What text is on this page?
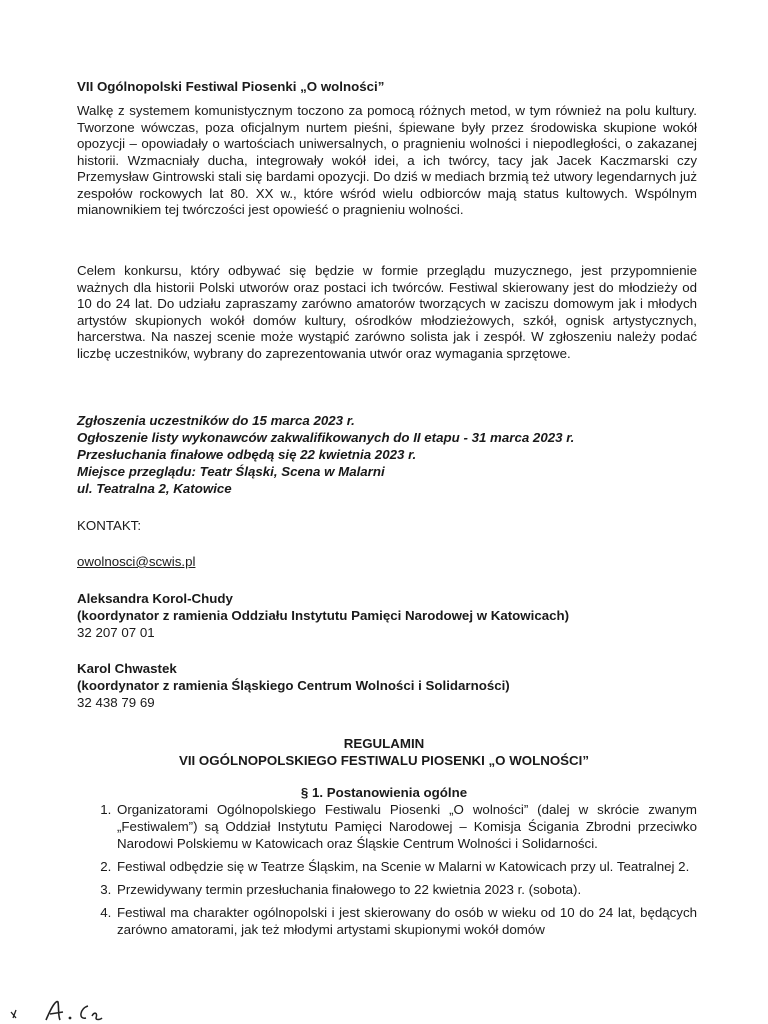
VII Ogólnopolski Festiwal Piosenki „O wolności”
Walkę z systemem komunistycznym toczono za pomocą różnych metod, w tym również na polu kultury. Tworzone wówczas, poza oficjalnym nurtem pieśni, śpiewane były przez środowiska skupione wokół opozycji – opowiadały o wartościach uniwersalnych, o pragnieniu wolności i niepodległości, o zakazanej historii. Wzmacniały ducha, integrowały wokół idei, a ich twórcy, tacy jak Jacek Kaczmarski czy Przemysław Gintrowski stali się bardami opozycji. Do dziś w mediach brzmią też utwory legendarnych już zespołów rockowych lat 80. XX w., które wśród wielu odbiorców mają status kultowych. Wspólnym mianownikiem tej twórczości jest opowieść o pragnieniu wolności.
Celem konkursu, który odbywać się będzie w formie przeglądu muzycznego, jest przypomnienie ważnych dla historii Polski utworów oraz postaci ich twórców. Festiwal skierowany jest do młodzieży od 10 do 24 lat. Do udziału zapraszamy zarówno amatorów tworzących w zaciszu domowym jak i młodych artystów skupionych wokół domów kultury, ośrodków młodzieżowych, szkół, ognisk artystycznych, harcerstwa. Na naszej scenie może wystąpić zarówno solista jak i zespół. W zgłoszeniu należy podać liczbę uczestników, wybrany do zaprezentowania utwór oraz wymagania sprzętowe.
Zgłoszenia uczestników do 15 marca 2023 r.
Ogłoszenie listy wykonawców zakwalifikowanych do II etapu - 31 marca 2023 r.
Przesłuchania finałowe odbędą się 22 kwietnia 2023 r.
Miejsce przeglądu: Teatr Śląski, Scena w Malarni
ul. Teatralna 2, Katowice
KONTAKT:
owolnosci@scwis.pl
Aleksandra Korol-Chudy
(koordynator z ramienia Oddziału Instytutu Pamięci Narodowej w Katowicach)
32 207 07 01
Karol Chwastek
(koordynator z ramienia Śląskiego Centrum Wolności i Solidarności)
32 438 79 69
REGULAMIN
VII OGÓLNOPOLSKIEGO FESTIWALU PIOSENKI „O WOLNOŚCI”
§ 1. Postanowienia ogólne
1. Organizatorami Ogólnopolskiego Festiwalu Piosenki „O wolności” (dalej w skrócie zwanym „Festiwalem”) są Oddział Instytutu Pamięci Narodowej – Komisja Ścigania Zbrodni przeciwko Narodowi Polskiemu w Katowicach oraz Śląskie Centrum Wolności i Solidarności.
2. Festiwal odbędzie się w Teatrze Śląskim, na Scenie w Malarni w Katowicach przy ul. Teatralnej 2.
3. Przewidywany termin przesłuchania finałowego to 22 kwietnia 2023 r. (sobota).
4. Festiwal ma charakter ogólnopolski i jest skierowany do osób w wieku od 10 do 24 lat, będących zarówno amatorami, jak też młodymi artystami skupionymi wokół domów
